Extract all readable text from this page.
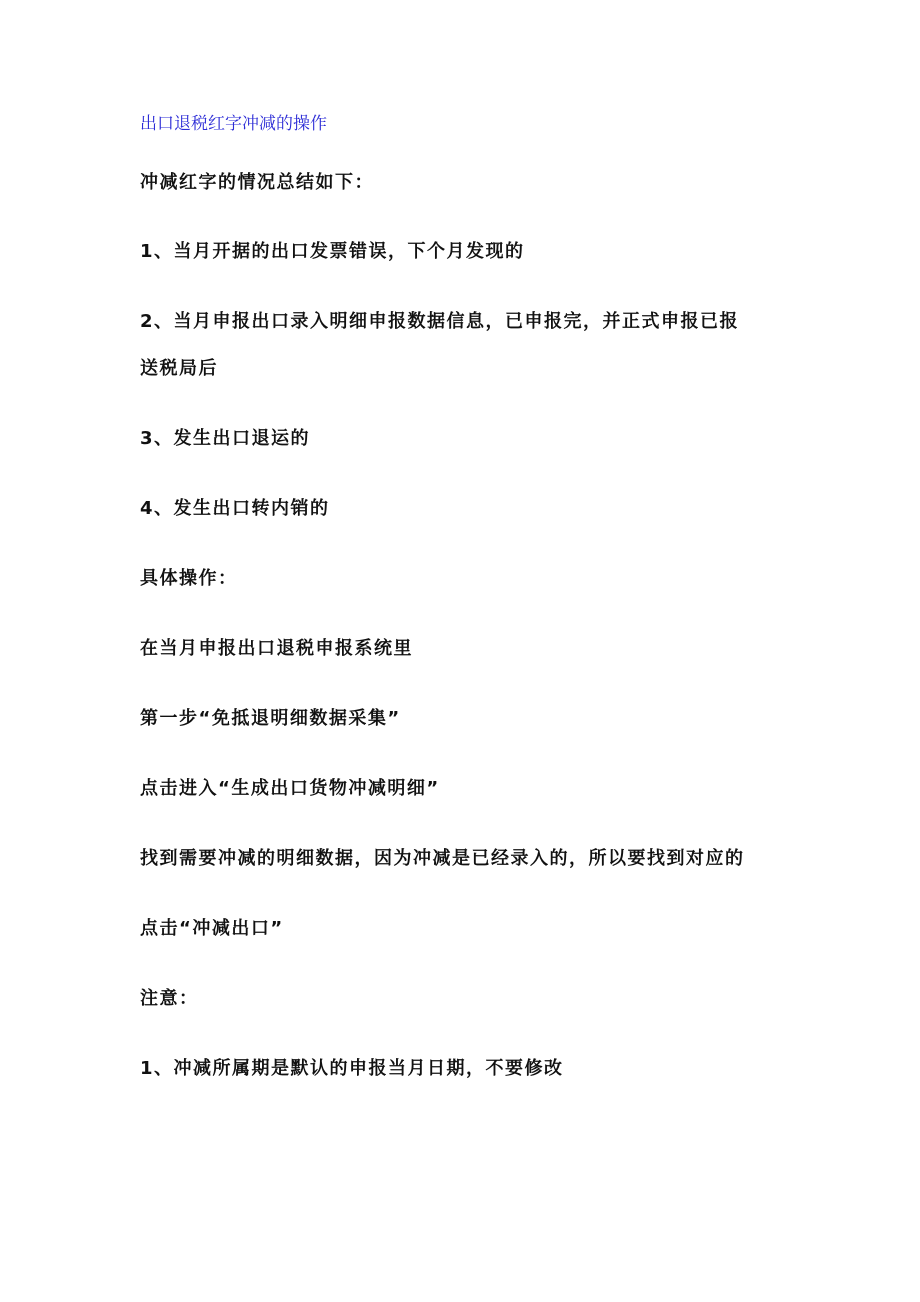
出口退税红字冲减的操作
冲减红字的情况总结如下：
1、当月开据的出口发票错误，下个月发现的
2、当月申报出口录入明细申报数据信息，已申报完，并正式申报已报
送税局后
3、发生出口退运的
4、发生出口转内销的
具体操作：
在当月申报出口退税申报系统里
第一步“免抵退明细数据采集”
点击进入“生成出口货物冲减明细”
找到需要冲减的明细数据，因为冲减是已经录入的，所以要找到对应的
点击“冲减出口”
注意：
1、冲减所属期是默认的申报当月日期，不要修改
